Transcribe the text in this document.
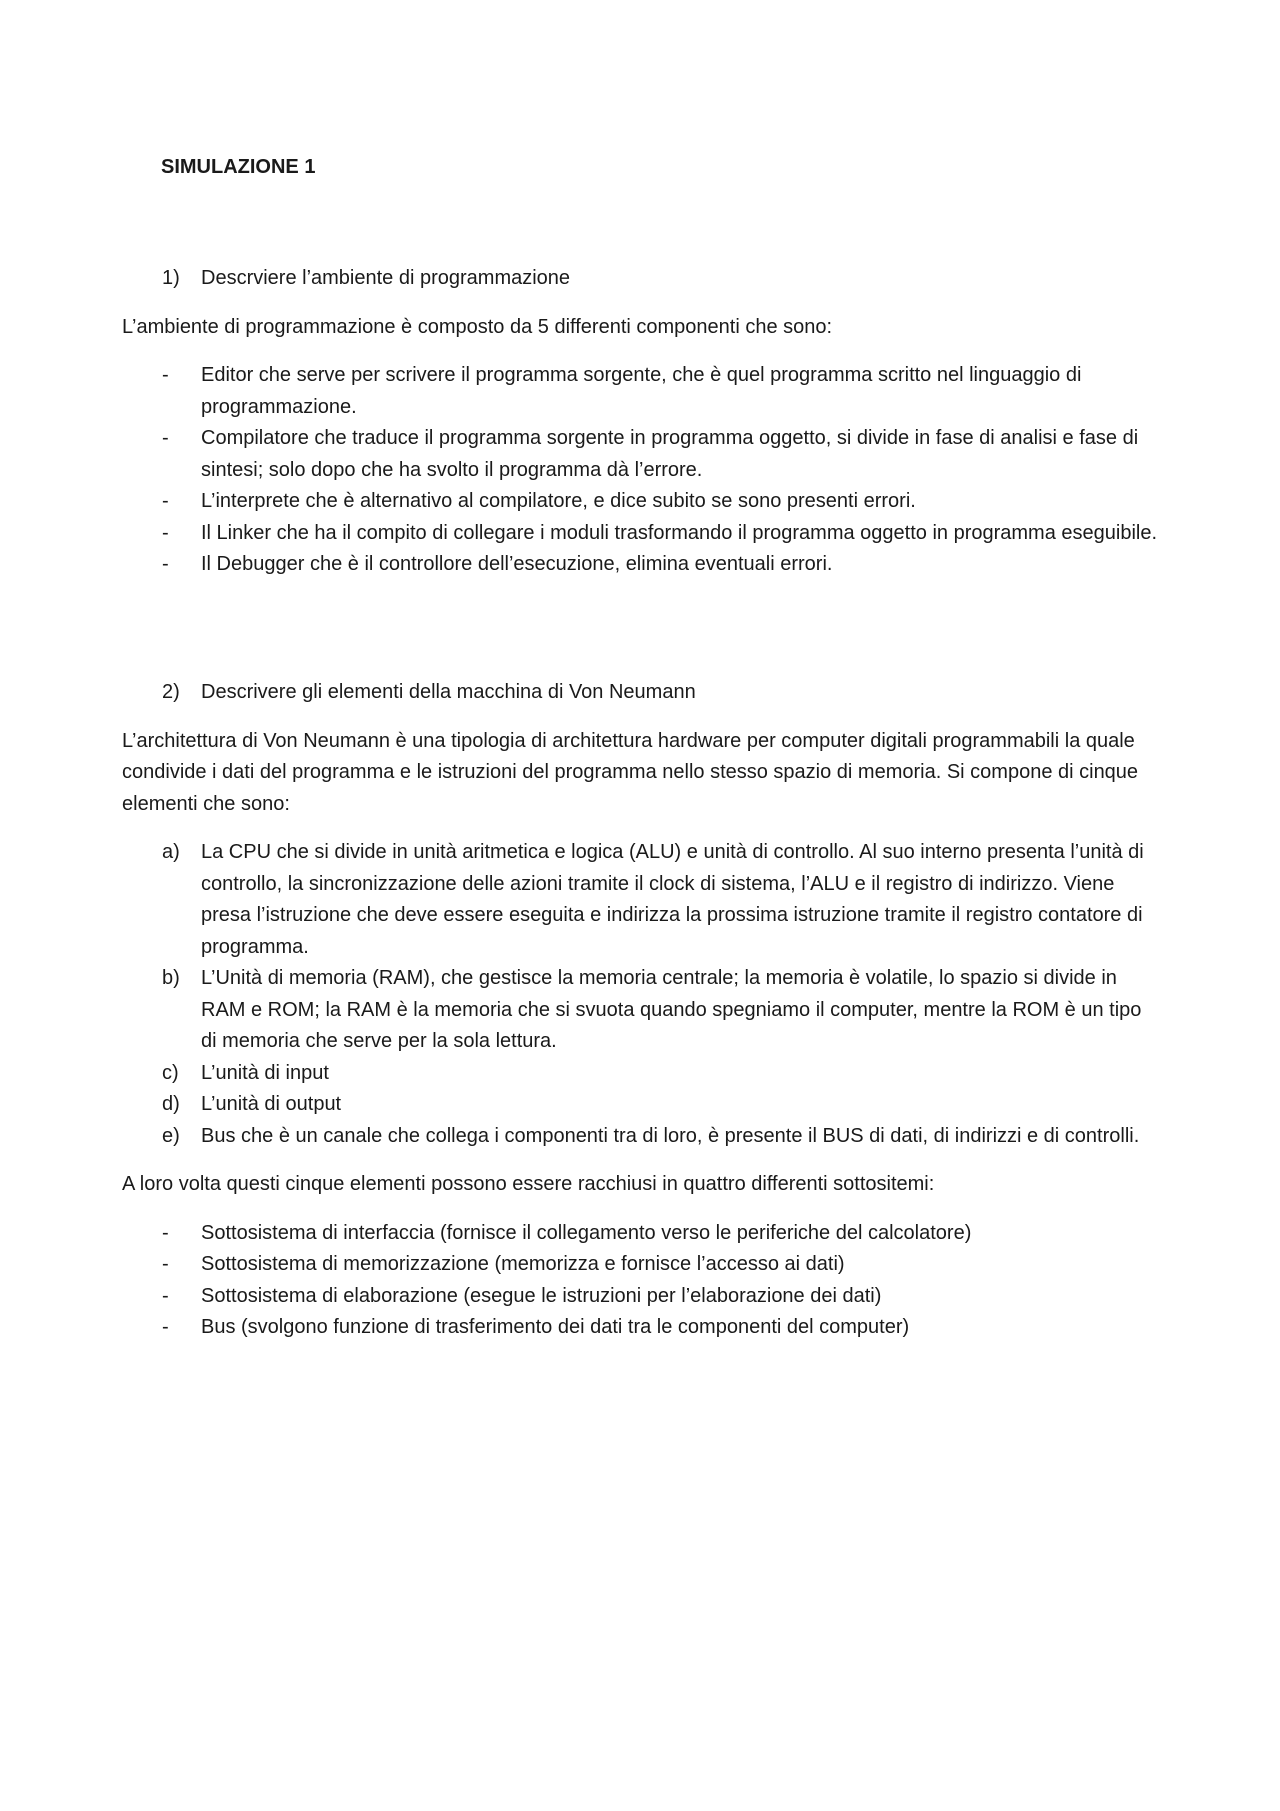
SIMULAZIONE 1

1) Descrviere l’ambiente di programmazione

L’ambiente di programmazione è composto da 5 differenti componenti che sono:

- Editor che serve per scrivere il programma sorgente, che è quel programma scritto nel linguaggio di programmazione.
- Compilatore che traduce il programma sorgente in programma oggetto, si divide in fase di analisi e fase di sintesi; solo dopo che ha svolto il programma dà l’errore.
- L’interprete che è alternativo al compilatore, e dice subito se sono presenti errori.
- Il Linker che ha il compito di collegare i moduli trasformando il programma oggetto in programma eseguibile.
- Il Debugger che è il controllore dell’esecuzione, elimina eventuali errori.

2) Descrivere gli elementi della macchina di Von Neumann

L’architettura di Von Neumann è una tipologia di architettura hardware per computer digitali programmabili la quale condivide i dati del programma e le istruzioni del programma nello stesso spazio di memoria. Si compone di cinque elementi che sono:

a) La CPU che si divide in unità aritmetica e logica (ALU) e unità di controllo. Al suo interno presenta l’unità di controllo, la sincronizzazione delle azioni tramite il clock di sistema, l’ALU e il registro di indirizzo. Viene presa l’istruzione che deve essere eseguita e indirizza la prossima istruzione tramite il registro contatore di programma.
b) L’Unità di memoria (RAM), che gestisce la memoria centrale; la memoria è volatile, lo spazio si divide in RAM e ROM; la RAM è la memoria che si svuota quando spegniamo il computer, mentre la ROM è un tipo di memoria che serve per la sola lettura.
c) L’unità di input
d) L’unità di output
e) Bus che è un canale che collega i componenti tra di loro, è presente il BUS di dati, di indirizzi e di controlli.

A loro volta questi cinque elementi possono essere racchiusi in quattro differenti sottositemi:

- Sottosistema di interfaccia (fornisce il collegamento verso le periferiche del calcolatore)
- Sottosistema di memorizzazione (memorizza e fornisce l’accesso ai dati)
- Sottosistema di elaborazione (esegue le istruzioni per l’elaborazione dei dati)
- Bus (svolgono funzione di trasferimento dei dati tra le componenti del computer)
